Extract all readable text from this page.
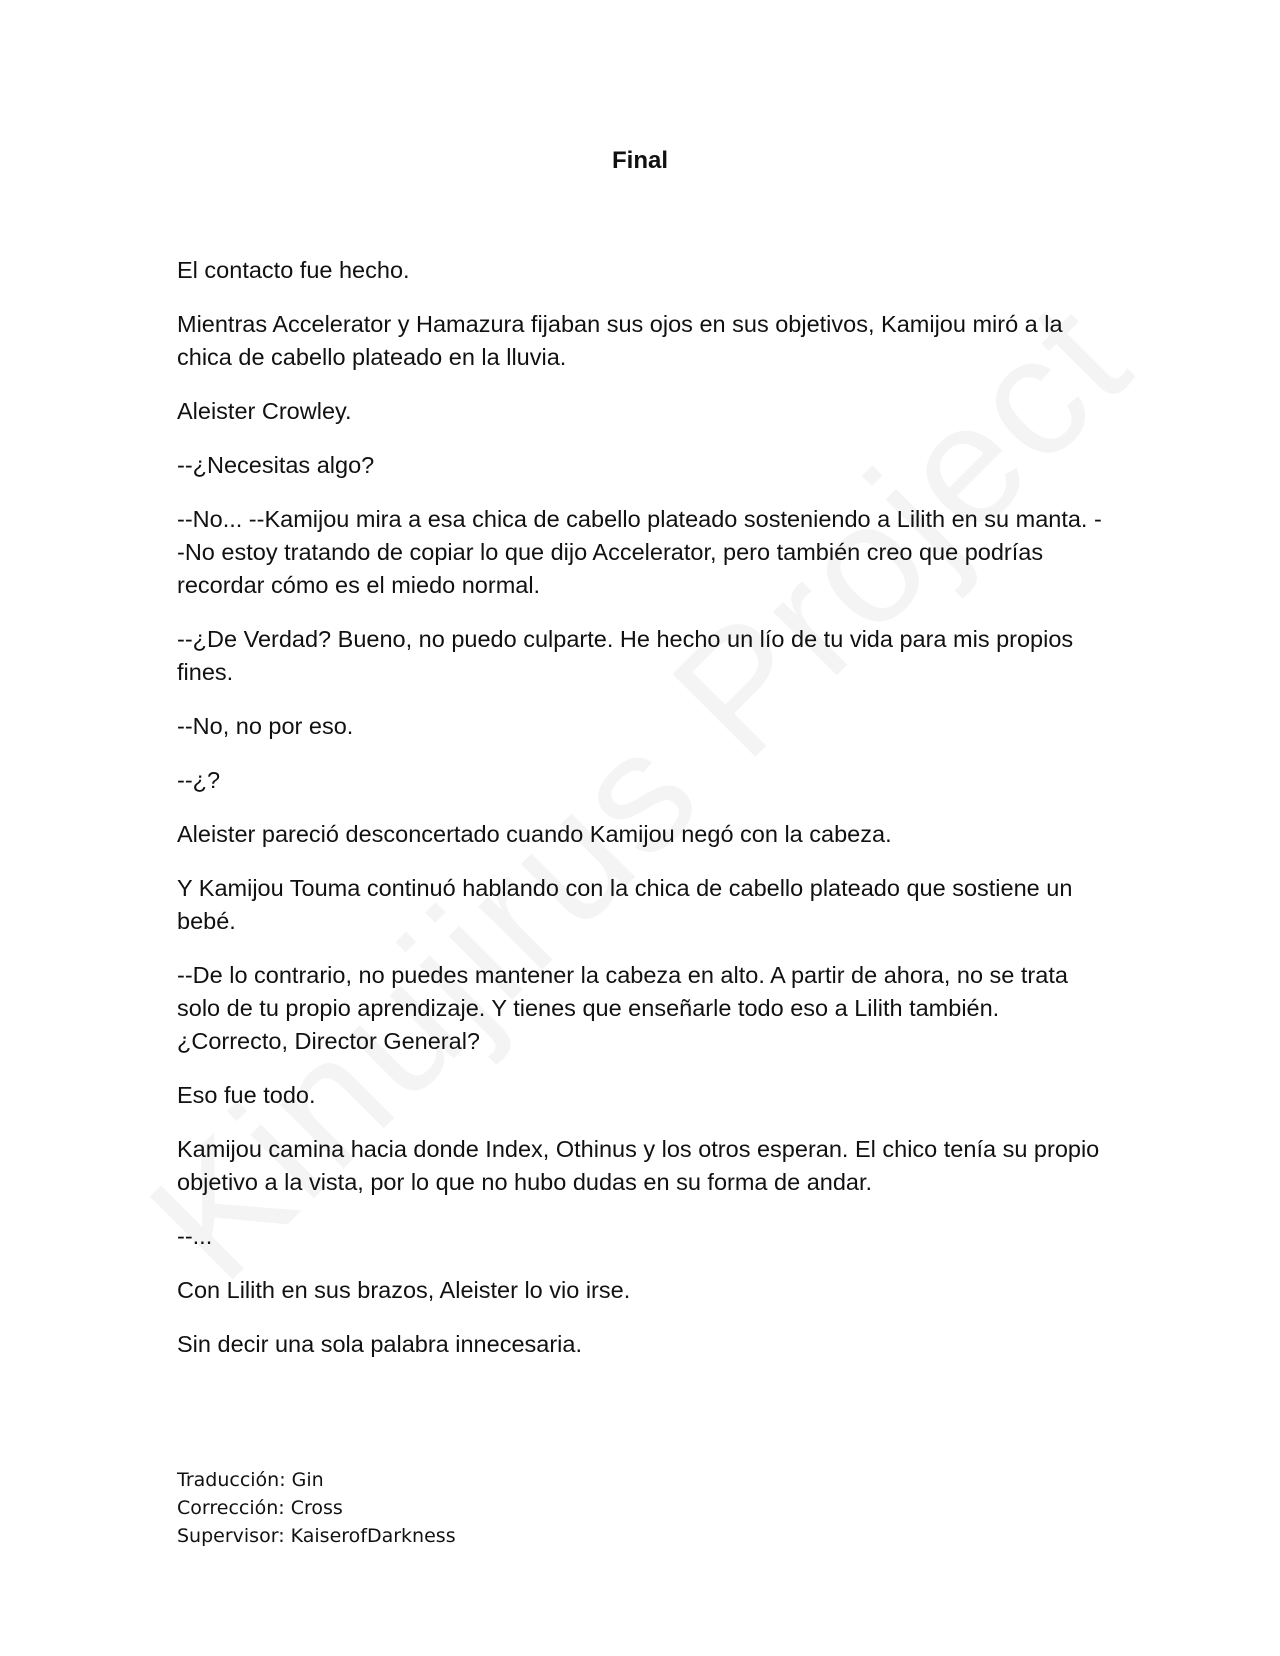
Final

El contacto fue hecho.

Mientras Accelerator y Hamazura fijaban sus ojos en sus objetivos, Kamijou miró a la chica de cabello plateado en la lluvia.

Aleister Crowley.

--¿Necesitas algo?

--No... --Kamijou mira a esa chica de cabello plateado sosteniendo a Lilith en su manta. --No estoy tratando de copiar lo que dijo Accelerator, pero también creo que podrías recordar cómo es el miedo normal.

--¿De Verdad? Bueno, no puedo culparte. He hecho un lío de tu vida para mis propios fines.

--No, no por eso.

--¿?

Aleister pareció desconcertado cuando Kamijou negó con la cabeza.

Y Kamijou Touma continuó hablando con la chica de cabello plateado que sostiene un bebé.

--De lo contrario, no puedes mantener la cabeza en alto. A partir de ahora, no se trata solo de tu propio aprendizaje. Y tienes que enseñarle todo eso a Lilith también. ¿Correcto, Director General?

Eso fue todo.

Kamijou camina hacia donde Index, Othinus y los otros esperan. El chico tenía su propio objetivo a la vista, por lo que no hubo dudas en su forma de andar.

--...

Con Lilith en sus brazos, Aleister lo vio irse.

Sin decir una sola palabra innecesaria.

Traducción: Gin
Corrección: Cross
Supervisor: KaiserofDarkness
